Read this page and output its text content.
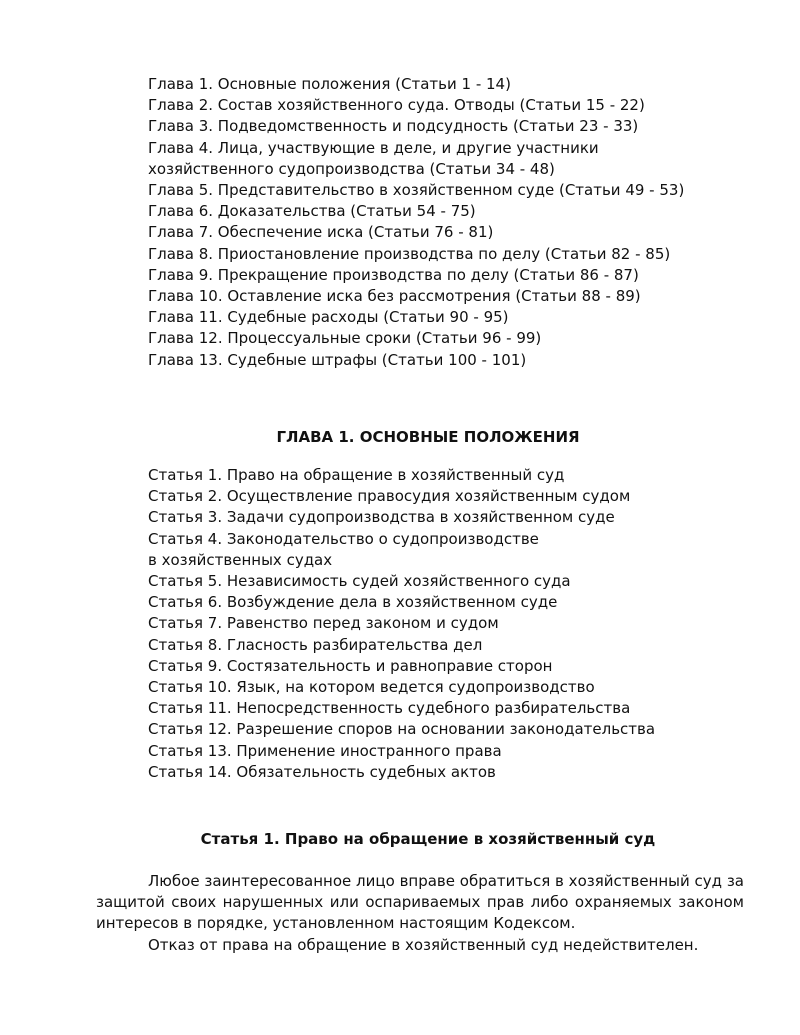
Глава 1. Основные положения (Статьи 1 - 14)
Глава 2. Состав хозяйственного суда. Отводы (Статьи 15 - 22)
Глава 3. Подведомственность и подсудность (Статьи 23 - 33)
Глава 4. Лица, участвующие в деле, и другие участники
хозяйственного судопроизводства (Статьи 34 - 48)
Глава 5. Представительство в хозяйственном суде (Статьи 49 - 53)
Глава 6. Доказательства (Статьи 54 - 75)
Глава 7. Обеспечение иска (Статьи 76 - 81)
Глава 8. Приостановление производства по делу (Статьи 82 - 85)
Глава 9. Прекращение производства по делу (Статьи 86 - 87)
Глава 10. Оставление иска без рассмотрения (Статьи 88 - 89)
Глава 11. Судебные расходы (Статьи 90 - 95)
Глава 12. Процессуальные сроки (Статьи 96 - 99)
Глава 13. Судебные штрафы (Статьи 100 - 101)
ГЛАВА 1. ОСНОВНЫЕ ПОЛОЖЕНИЯ
Статья 1. Право на обращение в хозяйственный суд
Статья 2. Осуществление правосудия хозяйственным судом
Статья 3. Задачи судопроизводства в хозяйственном суде
Статья 4. Законодательство о судопроизводстве
в хозяйственных судах
Статья 5. Независимость судей хозяйственного суда
Статья 6. Возбуждение дела в хозяйственном суде
Статья 7. Равенство перед законом и судом
Статья 8. Гласность разбирательства дел
Статья 9. Состязательность и равноправие сторон
Статья 10. Язык, на котором ведется судопроизводство
Статья 11. Непосредственность судебного разбирательства
Статья 12. Разрешение споров на основании законодательства
Статья 13. Применение иностранного права
Статья 14. Обязательность судебных актов
Статья 1. Право на обращение в хозяйственный суд

Любое заинтересованное лицо вправе обратиться в хозяйственный суд за защитой своих нарушенных или оспариваемых прав либо охраняемых законом интересов в порядке, установленном настоящим Кодексом.

Отказ от права на обращение в хозяйственный суд недействителен.
